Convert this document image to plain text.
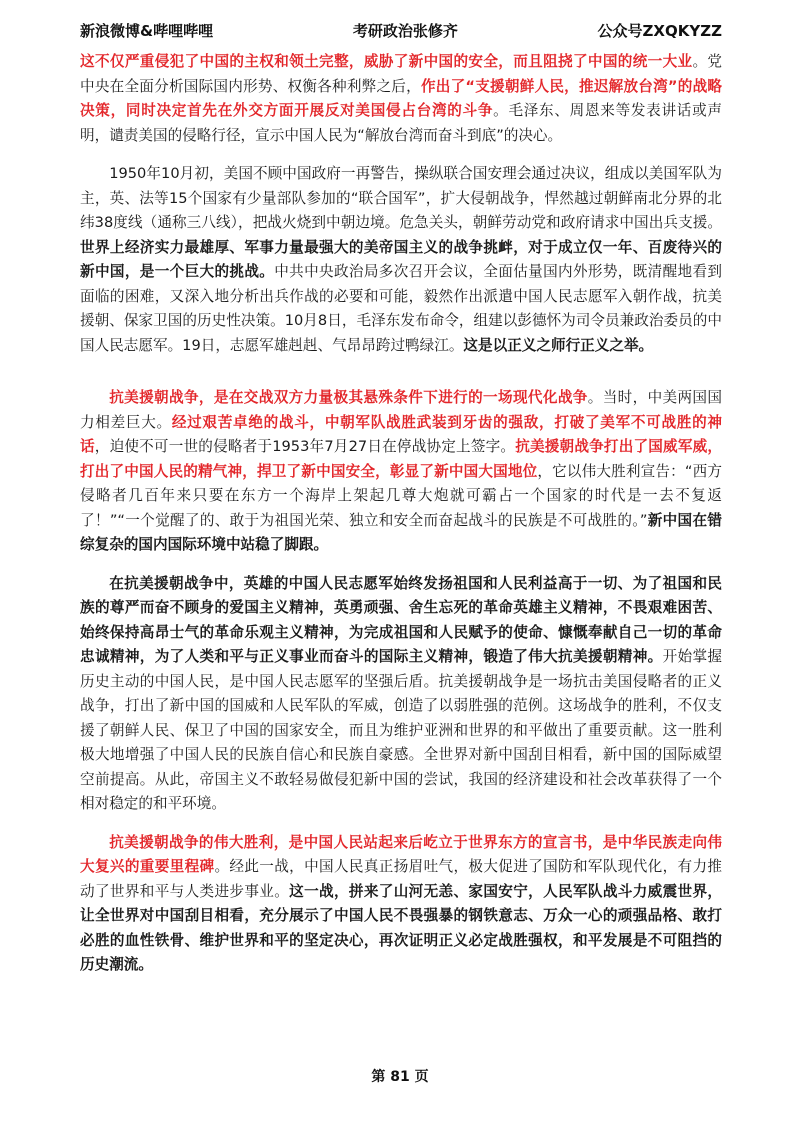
新浪微博&哔哩哔哩	考研政治张修齐	公众号ZXQKYZZ

这不仅严重侵犯了中国的主权和领土完整，威胁了新中国的安全，而且阻挠了中国的统一大业。党中央在全面分析国际国内形势、权衡各种利弊之后，作出了“支援朝鲜人民，推迟解放台湾”的战略决策，同时决定首先在外交方面开展反对美国侵占台湾的斗争。毛泽东、周恩来等发表讲话或声明，谴责美国的侵略行径，宣示中国人民为“解放台湾而奋斗到底”的决心。

1950年10月初，美国不顾中国政府一再警告，操纵联合国安理会通过决议，组成以美国军队为主，英、法等15个国家有少量部队参加的“联合国军”，扩大侵朝战争，悍然越过朝鲜南北分界的北纬38度线（通称三八线），把战火烧到中朝边境。危急关头，朝鲜劳动党和政府请求中国出兵支援。世界上经济实力最雄厚、军事力量最强大的美帝国主义的战争挑衅，对于成立仅一年、百废待兴的新中国，是一个巨大的挑战。中共中央政治局多次召开会议，全面估量国内外形势，既清醒地看到面临的困难，又深入地分析出兵作战的必要和可能，毅然作出派遣中国人民志愿军入朝作战，抗美援朝、保家卫国的历史性决策。10月8日，毛泽东发布命令，组建以彭德怀为司令员兼政治委员的中国人民志愿军。19日，志愿军雄赳赳、气昂昂跨过鸭绿江。这是以正义之师行正义之举。

抗美援朝战争，是在交战双方力量极其悬殊条件下进行的一场现代化战争。当时，中美两国国力相差巨大。经过艰苦卓绝的战斗，中朝军队战胜武装到牙齿的强敌，打破了美军不可战胜的神话，迫使不可一世的侵略者于1953年7月27日在停战协定上签字。抗美援朝战争打出了国威军威，打出了中国人民的精气神，捍卫了新中国安全，彰显了新中国大国地位，它以伟大胜利宣告：“西方侵略者几百年来只要在东方一个海岸上架起几尊大炮就可霸占一个国家的时代是一去不复返了！”“一个觉醒了的、敢于为祖国光荣、独立和安全而奋起战斗的民族是不可战胜的。”新中国在错综复杂的国内国际环境中站稳了脚跟。

在抗美援朝战争中，英雄的中国人民志愿军始终发扬祖国和人民利益高于一切、为了祖国和民族的尊严而奋不顾身的爱国主义精神，英勇顽强、舍生忘死的革命英雄主义精神，不畏艰难困苦、始终保持高昂士气的革命乐观主义精神，为完成祖国和人民赋予的使命、慷慨奉献自己一切的革命忠诚精神，为了人类和平与正义事业而奋斗的国际主义精神，锻造了伟大抗美援朝精神。开始掌握历史主动的中国人民，是中国人民志愿军的坚强后盾。抗美援朝战争是一场抗击美国侵略者的正义战争，打出了新中国的国威和人民军队的军威，创造了以弱胜强的范例。这场战争的胜利，不仅支援了朝鲜人民、保卫了中国的国家安全，而且为维护亚洲和世界的和平做出了重要贡献。这一胜利极大地增强了中国人民的民族自信心和民族自豪感。全世界对新中国刮目相看，新中国的国际威望空前提高。从此，帝国主义不敢轻易做侵犯新中国的尝试，我国的经济建设和社会改革获得了一个相对稳定的和平环境。

抗美援朝战争的伟大胜利，是中国人民站起来后屹立于世界东方的宣言书，是中华民族走向伟大复兴的重要里程碑。经此一战，中国人民真正扬眉吐气，极大促进了国防和军队现代化，有力推动了世界和平与人类进步事业。这一战，拼来了山河无恙、家国安宁，人民军队战斗力威震世界，让全世界对中国刮目相看，充分展示了中国人民不畏强暴的钢铁意志、万众一心的顽强品格、敢打必胜的血性铁骨、维护世界和平的坚定决心，再次证明正义必定战胜强权，和平发展是不可阻挡的历史潮流。

第 81 页
